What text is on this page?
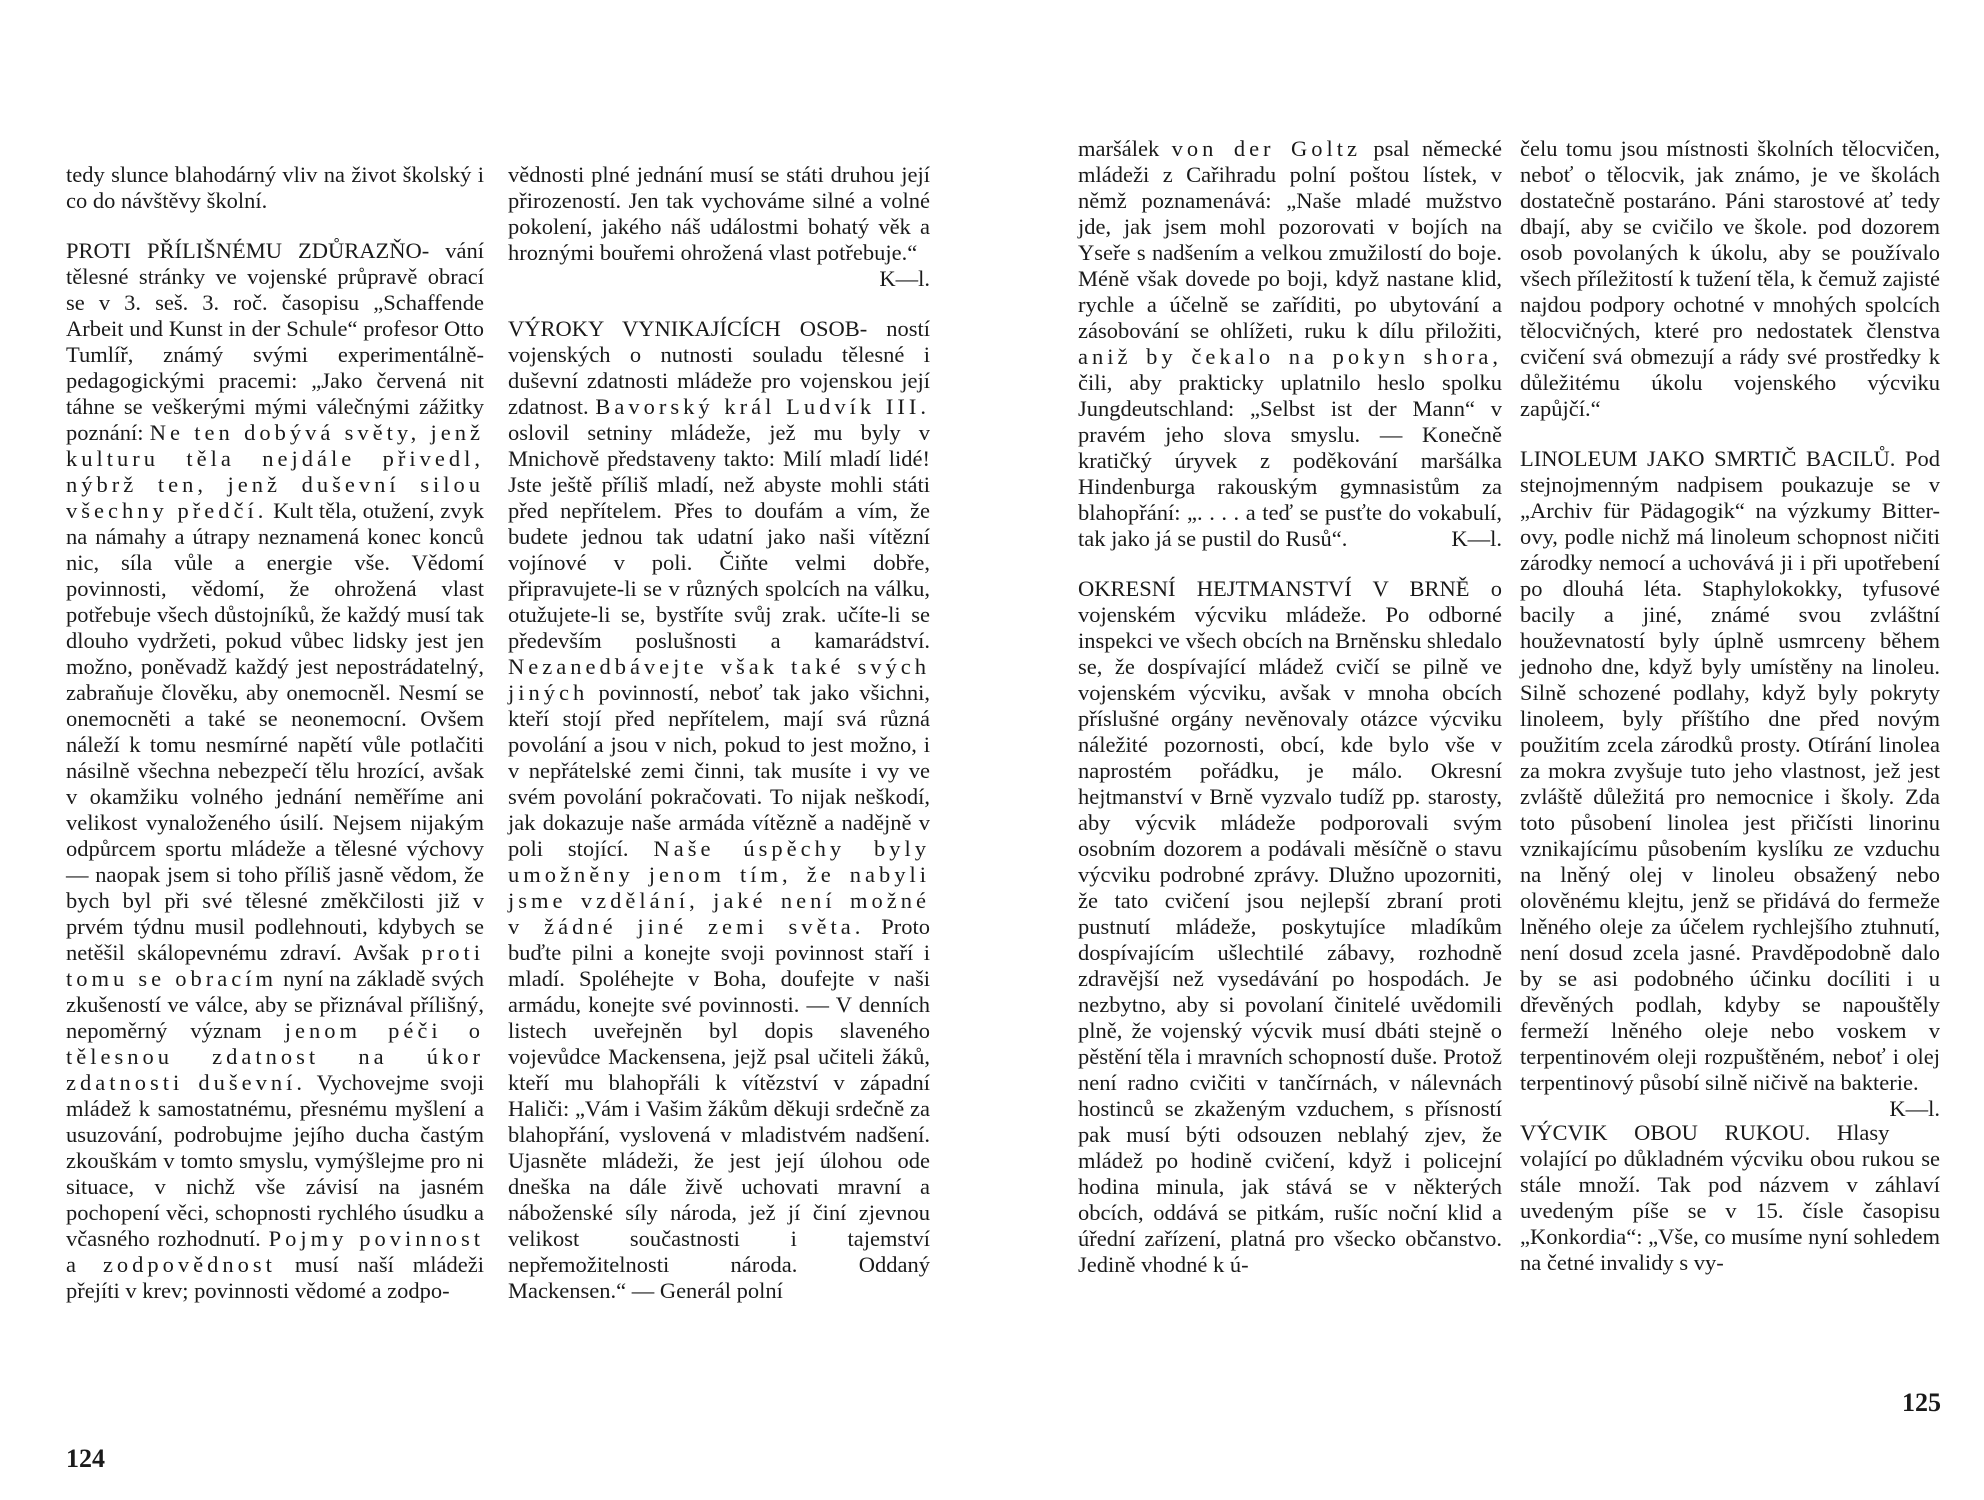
tedy slunce blahodárný vliv na život školský i co do návštěvy školní.

PROTI PŘÍLIŠNÉMU ZDŮRAZŇO- vání tělesné stránky ve vojenské průpravě obrací se v 3. seš. 3. roč. časopisu „Schaffende Arbeit und Kunst in der Schule“ profesor Otto Tumlíř, známý svými experimentálně-pedagogickými pracemi: „Jako červená nit táhne se veškerými mými válečnými zážitky poznání: Ne ten dobývá světy, jenž kulturu těla nejdále přivedl, nýbrž ten, jenž duševní silou všechny předčí. Kult těla, otužení, zvyk na námahy a útrapy neznamená konec konců nic, síla vůle a energie vše. Vědomí povinnosti, vědomí, že ohrožená vlast potřebuje všech důstojníků, že každý musí tak dlouho vydržeti, pokud vůbec lidsky jest jen možno, poněvadž každý jest nepostrádatelný, zabraňuje člověku, aby onemocněl. Nesmí se onemocněti a také se neonemocní. Ovšem náleží k tomu nesmírné napětí vůle potlačiti násilně všechna nebezpečí tělu hrozící, avšak v okamžiku volného jednání neměříme ani velikost vynaloženého úsilí. Nejsem nijakým odpůrcem sportu mládeže a tělesné výchovy — naopak jsem si toho příliš jasně vědom, že bych byl při své tělesné změkčilosti již v prvém týdnu musil podlehnouti, kdybych se netěšil skálopevnému zdraví. Avšak proti tomu se obracím nyní na základě svých zkušeností ve válce, aby se přiznával přílišný, nepoměrný význam jenom péči o tělesnou zdatnost na úkor zdatnosti duševní. Vychovejme svoji mládež k samostatnému, přesnému myšlení a usuzování, podrobujme jejího ducha častým zkouškám v tomto smyslu, vymýšlejme pro ni situace, v nichž vše závisí na jasném pochopení věci, schopnosti rychlého úsudku a včasného rozhodnutí. Pojmy povinnost a zodpovědnost musí naší mládeži přejíti v krev; povinnosti vědomé a zodpo-

vědnosti plné jednání musí se státi druhou její přirozeností. Jen tak vychováme silné a volné pokolení, jakého náš událostmi bohatý věk a hroznými bouřemi ohrožená vlast potřebuje.“

K—l.

VÝROKY VYNIKAJÍCÍCH OSOB- ností vojenských o nutnosti souladu tělesné i duševní zdatnosti mládeže pro vojenskou její zdatnost. Bavorský král Ludvík III. oslovil setniny mládeže, jež mu byly v Mnichově představeny takto: Milí mladí lidé! Jste ještě příliš mladí, než abyste mohli státi před nepřítelem. Přes to doufám a vím, že budete jednou tak udatní jako naši vítězní vojínové v poli. Čiňte velmi dobře, připravujete-li se v různých spolcích na válku, otužujete-li se, bystříte svůj zrak. učíte-li se především poslušnosti a kamarádství. Nezanedbávejte však také svých jiných povinností, neboť tak jako všichni, kteří stojí před nepřítelem, mají svá různá povolání a jsou v nich, pokud to jest možno, i v nepřátelské zemi činni, tak musíte i vy ve svém povolání pokračovati. To nijak neškodí, jak dokazuje naše armáda vítězně a nadějně v poli stojící. Naše úspěchy byly umožněny jenom tím, že nabyli jsme vzdělání, jaké není možné v žádné jiné zemi světa. Proto buďte pilni a konejte svoji povinnost staří i mladí. Spoléhejte v Boha, doufejte v naši armádu, konejte své povinnosti. — V denních listech uveřejněn byl dopis slaveného vojevůdce Mackensena, jejž psal učiteli žáků, kteří mu blahopřáli k vítězství v západní Haliči: „Vám i Vašim žákům děkuji srdečně za blahopřání, vyslovená v mladistvém nadšení. Ujasněte mládeži, že jest její úlohou ode dneška na dále živě uchovati mravní a náboženské síly národa, jež jí činí zjevnou velikost součastnosti i tajemství nepřemožitelnosti národa. Oddaný Mackensen.“ — Generál polní

124

maršálek von der Goltz psal německé mládeži z Cařihradu polní poštou lístek, v němž poznamenává: „Naše mladé mužstvo jde, jak jsem mohl pozorovati v bojích na Yseře s nadšením a velkou zmužilostí do boje. Méně však dovede po boji, když nastane klid, rychle a účelně se zaříditi, po ubytování a zásobování se ohlížeti, ruku k dílu přiložiti, aniž by čekalo na pokyn shora, čili, aby prakticky uplatnilo heslo spolku Jungdeutschland: „Selbst ist der Mann“ v pravém jeho slova smyslu. — Konečně kratičký úryvek z poděkování maršálka Hindenburga rakouským gymnasistům za blahopřání: „. . . . a teď se pusťte do vokabulí, tak jako já se pustil do Rusů“.	K—l.

OKRESNÍ HEJTMANSTVÍ V BRNĚ o vojenském výcviku mládeže. Po odborné inspekci ve všech obcích na Brněnsku shledalo se, že dospívající mládež cvičí se pilně ve vojenském výcviku, avšak v mnoha obcích příslušné orgány nevěnovaly otázce výcviku náležité pozornosti, obcí, kde bylo vše v naprostém pořádku, je málo. Okresní hejtmanství v Brně vyzvalo tudíž pp. starosty, aby výcvik mládeže podporovali svým osobním dozorem a podávali měsíčně o stavu výcviku podrobné zprávy. Dlužno upozorniti, že tato cvičení jsou nejlepší zbraní proti pustnutí mládeže, poskytujíce mladíkům dospívajícím ušlechtilé zábavy, rozhodně zdravější než vysedávání po hospodách. Je nezbytno, aby si povolaní činitelé uvědomili plně, že vojenský výcvik musí dbáti stejně o pěstění těla i mravních schopností duše. Protož není radno cvičiti v tančírnách, v nálevnách hostinců se zkaženým vzduchem, s přísností pak musí býti odsouzen neblahý zjev, že mládež po hodině cvičení, když i policejní hodina minula, jak stává se v některých obcích, oddává se pitkám, rušíc noční klid a úřední zařízení, platná pro všecko občanstvo. Jedině vhodné k ú-

čelu tomu jsou místnosti školních tělocvičen, neboť o tělocvik, jak známo, je ve školách dostatečně postaráno. Páni starostové ať tedy dbají, aby se cvičilo ve škole. pod dozorem osob povolaných k úkolu, aby se používalo všech příležitostí k tužení těla, k čemuž zajisté najdou podpory ochotné v mnohých spolcích tělocvičných, které pro nedostatek členstva cvičení svá obmezují a rády své prostředky k důležitému úkolu vojenského výcviku zapůjčí.“

LINOLEUM JAKO SMRTIČ BACILŮ. Pod stejnojmenným nadpisem poukazuje se v „Archiv für Pädagogik“ na výzkumy Bitter-ovy, podle nichž má linoleum schopnost ničiti zárodky nemocí a uchovává ji i při upotřebení po dlouhá léta. Staphylokokky, tyfusové bacily a jiné, známé svou zvláštní houževnatostí byly úplně usmrceny během jednoho dne, když byly umístěny na linoleu. Silně schozené podlahy, když byly pokryty linoleem, byly příštího dne před novým použitím zcela zárodků prosty. Otírání linolea za mokra zvyšuje tuto jeho vlastnost, jež jest zvláště důležitá pro nemocnice i školy. Zda toto působení linolea jest přičísti linorinu vznikajícímu působením kyslíku ze vzduchu na lněný olej v linoleu obsažený nebo olověnému klejtu, jenž se přidává do fermeže lněného oleje za účelem rychlejšího ztuhnutí, není dosud zcela jasné. Pravděpodobně dalo by se asi podobného účinku docíliti i u dřevěných podlah, kdyby se napouštěly fermeží lněného oleje nebo voskem v terpentinovém oleji rozpuštěném, neboť i olej terpentinový působí silně ničivě na bakterie.
K—l.

VÝCVIK OBOU RUKOU. Hlasy volající po důkladném výcviku obou rukou se stále množí. Tak pod názvem v záhlaví uvedeným píše se v 15. čísle časopisu „Konkordia“: „Vše, co musíme nyní sohledem na četné invalidy s vy-

125
